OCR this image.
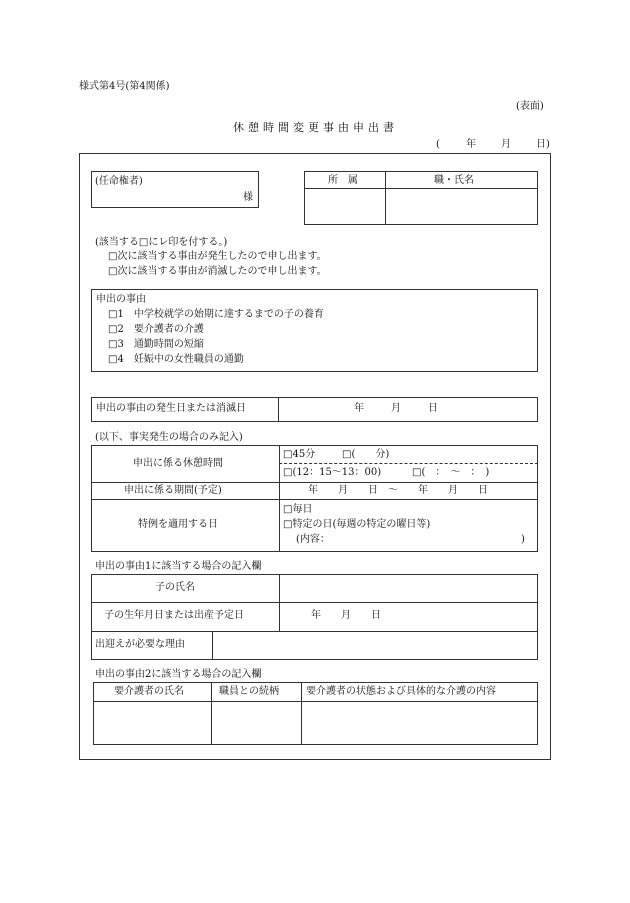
様式第4号(第4関係)
(表面)
休憩時間変更事由申出書
(	年	月	日)
(任命権者)
様
所　属	職・氏名
(該当する□にレ印を付する。)
□ 次に該当する事由が発生したので申し出ます。
□ 次に該当する事由が消滅したので申し出ます。
申出の事由
□ 1　中学校就学の始期に達するまでの子の養育
□ 2　要介護者の介護
□ 3　通勤時間の短縮
□ 4　妊娠中の女性職員の通勤
申出の事由の発生日または消滅日	年	月	日
(以下、事実発生の場合のみ記入)
申出に係る休憩時間
□ 45分 □	(　　分)
□ (12：15～13：00) □	(　：　～　：　)
申出に係る期間(予定)	年　　月　　日　～　　年　　月　　日
特例を適用する日
□ 毎日
□ 特定の日(毎週の特定の曜日等)
(内容：	)
申出の事由1に該当する場合の記入欄
子の氏名
子の生年月日または出産予定日	年　　月　　日
出迎えが必要な理由
申出の事由2に該当する場合の記入欄
要介護者の氏名	職員との続柄	要介護者の状態および具体的な介護の内容
